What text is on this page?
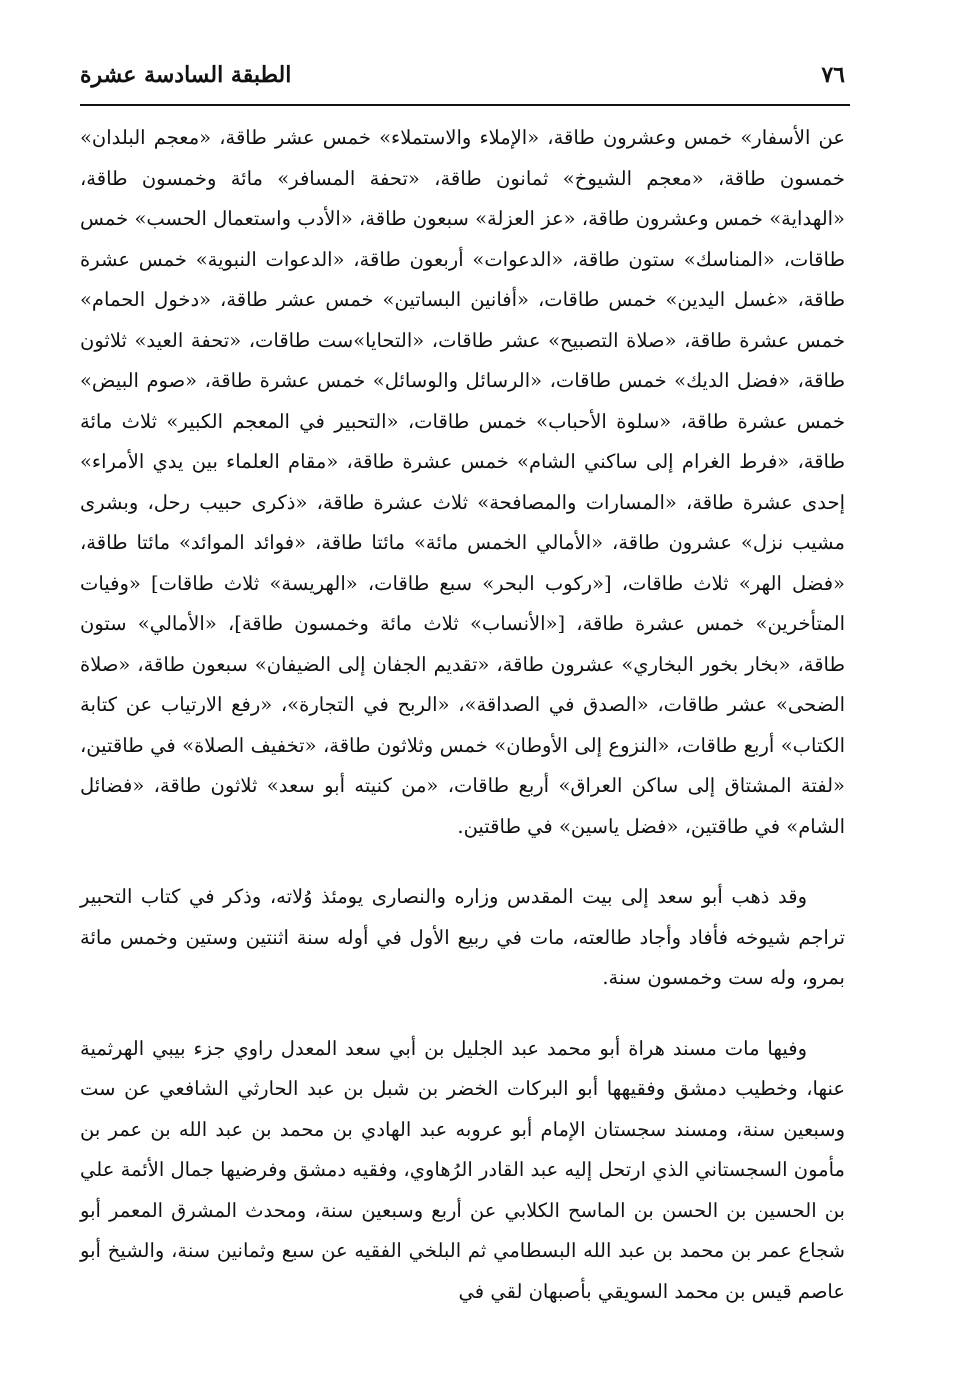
٧٦
الطبقة السادسة عشرة

عن الأسفار» خمس وعشرون طاقة، «الإملاء والاستملاء» خمس عشر طاقة، «معجم البلدان» خمسون طاقة، «معجم الشيوخ» ثمانون طاقة، «تحفة المسافر» مائة وخمسون طاقة، «الهداية» خمس وعشرون طاقة، «عز العزلة» سبعون طاقة، «الأدب واستعمال الحسب» خمس طاقات، «المناسك» ستون طاقة، «الدعوات» أربعون طاقة، «الدعوات النبوية» خمس عشرة طاقة، «غسل اليدين» خمس طاقات، «أفانين البساتين» خمس عشر طاقة، «دخول الحمام» خمس عشرة طاقة، «صلاة التصبيح» عشر طاقات، «التحايا»ست طاقات، «تحفة العيد» ثلاثون طاقة، «فضل الديك» خمس طاقات، «الرسائل والوسائل» خمس عشرة طاقة، «صوم البيض» خمس عشرة طاقة، «سلوة الأحباب» خمس طاقات، «التحبير في المعجم الكبير» ثلاث مائة طاقة، «فرط الغرام إلى ساكني الشام» خمس عشرة طاقة، «مقام العلماء بين يدي الأمراء» إحدى عشرة طاقة، «المسارات والمصافحة» ثلاث عشرة طاقة، «ذكرى حبيب رحل، وبشرى مشيب نزل» عشرون طاقة، «الأمالي الخمس مائة» مائتا طاقة، «فوائد الموائد» مائتا طاقة، «فضل الهر» ثلاث طاقات، [«ركوب البحر» سبع طاقات، «الهريسة» ثلاث طاقات] «وفيات المتأخرين» خمس عشرة طاقة، [«الأنساب» ثلاث مائة وخمسون طاقة]، «الأمالي» ستون طاقة، «بخار بخور البخاري» عشرون طاقة، «تقديم الجفان إلى الضيفان» سبعون طاقة، «صلاة الضحى» عشر طاقات، «الصدق في الصداقة»، «الربح في التجارة»، «رفع الارتياب عن كتابة الكتاب» أربع طاقات، «النزوع إلى الأوطان» خمس وثلاثون طاقة، «تخفيف الصلاة» في طاقتين، «لفتة المشتاق إلى ساكن العراق» أربع طاقات، «من كنيته أبو سعد» ثلاثون طاقة، «فضائل الشام» في طاقتين، «فضل ياسين» في طاقتين.

وقد ذهب أبو سعد إلى بيت المقدس وزاره والنصارى يومئذ وُلاته، وذكر في كتاب التحبير تراجم شيوخه فأفاد وأجاد طالعته، مات في ربيع الأول في أوله سنة اثنتين وستين وخمس مائة بمرو، وله ست وخمسون سنة.

وفيها مات مسند هراة أبو محمد عبد الجليل بن أبي سعد المعدل راوي جزء بيبي الهرثمية عنها، وخطيب دمشق وفقيهها أبو البركات الخضر بن شبل بن عبد الحارثي الشافعي عن ست وسبعين سنة، ومسند سجستان الإمام أبو عروبه عبد الهادي بن محمد بن عبد الله بن عمر بن مأمون السجستاني الذي ارتحل إليه عبد القادر الرُهاوي، وفقيه دمشق وفرضيها جمال الأئمة علي بن الحسين بن الحسن بن الماسح الكلابي عن أربع وسبعين سنة، ومحدث المشرق المعمر أبو شجاع عمر بن محمد بن عبد الله البسطامي ثم البلخي الفقيه عن سبع وثمانين سنة، والشيخ أبو عاصم قيس بن محمد السويقي بأصبهان لقي في
